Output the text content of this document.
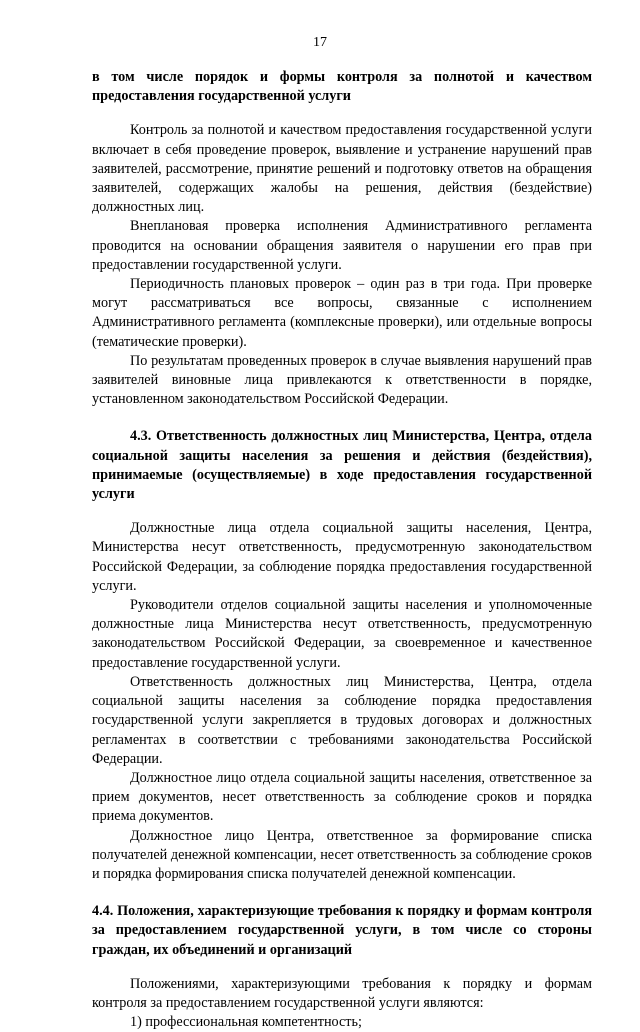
17
в том числе порядок и формы контроля за полнотой и качеством предоставления государственной услуги

Контроль за полнотой и качеством предоставления государственной услуги включает в себя проведение проверок, выявление и устранение нарушений прав заявителей, рассмотрение, принятие решений и подготовку ответов на обращения заявителей, содержащих жалобы на решения, действия (бездействие) должностных лиц.

Внеплановая проверка исполнения Административного регламента проводится на основании обращения заявителя о нарушении его прав при предоставлении государственной услуги.

Периодичность плановых проверок – один раз в три года. При проверке могут рассматриваться все вопросы, связанные с исполнением Административного регламента (комплексные проверки), или отдельные вопросы (тематические проверки).

По результатам проведенных проверок в случае выявления нарушений прав заявителей виновные лица привлекаются к ответственности в порядке, установленном законодательством Российской Федерации.

4.3. Ответственность должностных лиц Министерства, Центра, отдела социальной защиты населения за решения и действия (бездействия), принимаемые (осуществляемые) в ходе предоставления государственной услуги

Должностные лица отдела социальной защиты населения, Центра, Министерства несут ответственность, предусмотренную законодательством Российской Федерации, за соблюдение порядка предоставления государственной услуги.

Руководители отделов социальной защиты населения и уполномоченные должностные лица Министерства несут ответственность, предусмотренную законодательством Российской Федерации, за своевременное и качественное предоставление государственной услуги.

Ответственность должностных лиц Министерства, Центра, отдела социальной защиты населения за соблюдение порядка предоставления государственной услуги закрепляется в трудовых договорах и должностных регламентах в соответствии с требованиями законодательства Российской Федерации.

Должностное лицо отдела социальной защиты населения, ответственное за прием документов, несет ответственность за соблюдение сроков и порядка приема документов.

Должностное лицо Центра, ответственное за формирование списка получателей денежной компенсации, несет ответственность за соблюдение сроков и порядка формирования списка получателей денежной компенсации.

4.4. Положения, характеризующие требования к порядку и формам контроля за предоставлением государственной услуги, в том числе со стороны граждан, их объединений и организаций

Положениями, характеризующими требования к порядку и формам контроля за предоставлением государственной услуги являются:

1) профессиональная компетентность;
